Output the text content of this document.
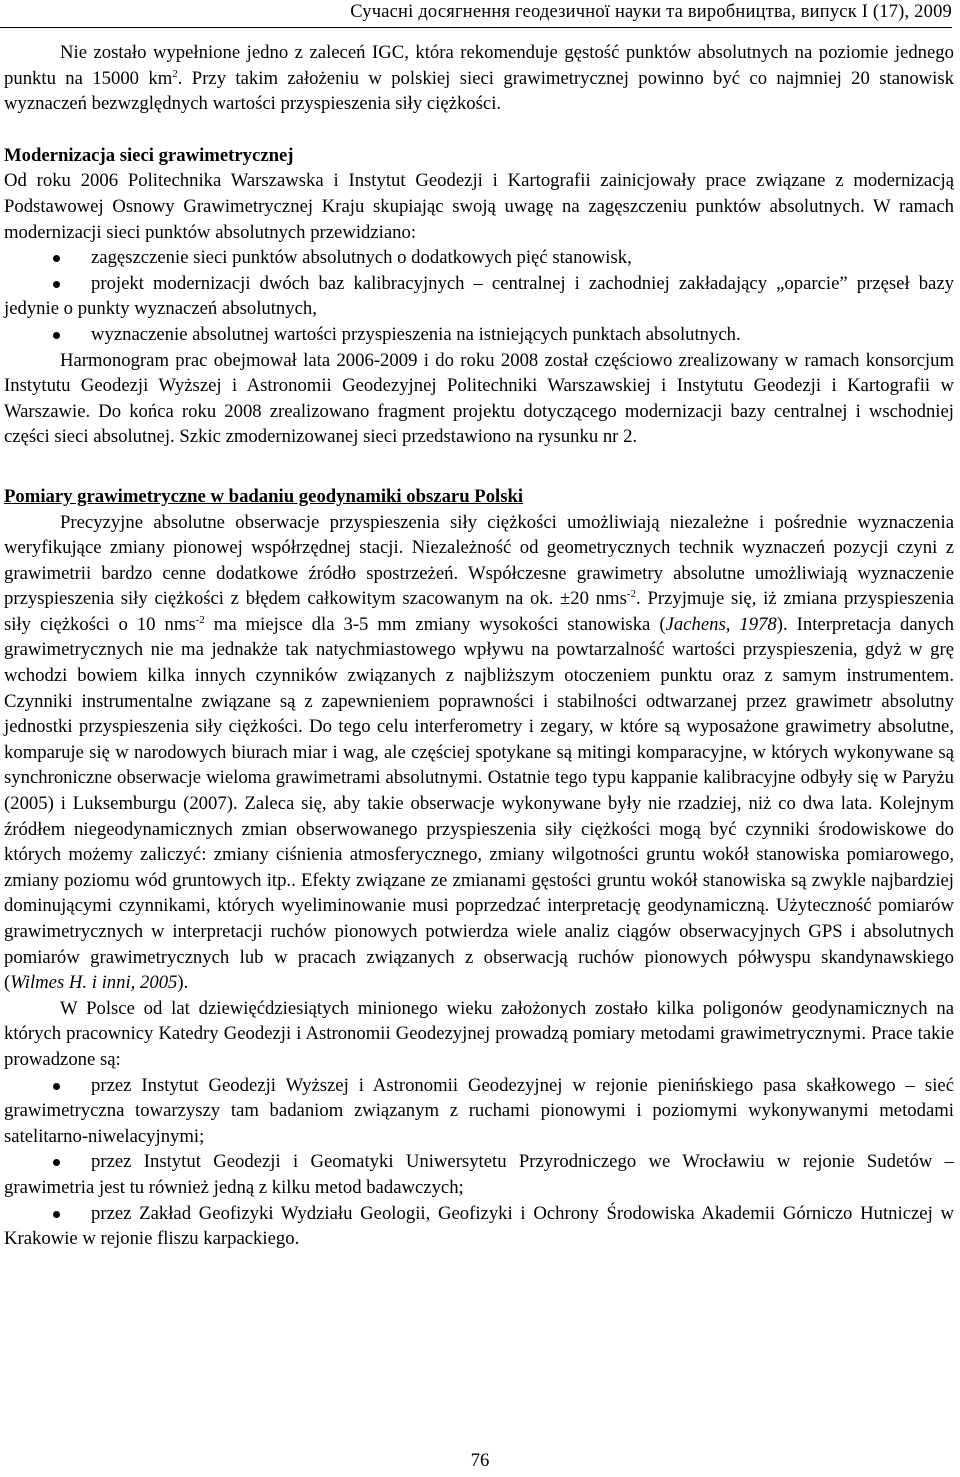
Сучасні досягнення геодезичної науки та виробництва, випуск I (17), 2009

Nie zostało wypełnione jedno z zaleceń IGC, która rekomenduje gęstość punktów absolutnych na poziomie jednego punktu na 15000 $km^2$. Przy takim założeniu w polskiej sieci grawimetrycznej powinno być co najmniej 20 stanowisk wyznaczeń bezwzględnych wartości przyspieszenia siły ciężkości.

Modernizacja sieci grawimetrycznej

Od roku 2006 Politechnika Warszawska i Instytut Geodezji i Kartografii zainicjowały prace związane z modernizacją Podstawowej Osnowy Grawimetrycznej Kraju skupiając swoją uwagę na zagęszczeniu punktów absolutnych. W ramach modernizacji sieci punktów absolutnych przewidziano:

zagęszczenie sieci punktów absolutnych o dodatkowych pięć stanowisk,

projekt modernizacji dwóch baz kalibracyjnych – centralnej i zachodniej zakładający „oparcie” przęseł bazy jedynie o punkty wyznaczeń absolutnych,

wyznaczenie absolutnej wartości przyspieszenia na istniejących punktach absolutnych.

Harmonogram prac obejmował lata 2006-2009 i do roku 2008 został częściowo zrealizowany w ramach konsorcjum Instytutu Geodezji Wyższej i Astronomii Geodezyjnej Politechniki Warszawskiej i Instytutu Geodezji i Kartografii w Warszawie. Do końca roku 2008 zrealizowano fragment projektu dotyczącego modernizacji bazy centralnej i wschodniej części sieci absolutnej. Szkic zmodernizowanej sieci przedstawiono na rysunku nr 2.

Pomiary grawimetryczne w badaniu geodynamiki obszaru Polski

Precyzyjne absolutne obserwacje przyspieszenia siły ciężkości umożliwiają niezależne i pośrednie wyznaczenia weryfikujące zmiany pionowej współrzędnej stacji. Niezależność od geometrycznych technik wyznaczeń pozycji czyni z grawimetrii bardzo cenne dodatkowe źródło spostrzeżeń. Współczesne grawimetry absolutne umożliwiają wyznaczenie przyspieszenia siły ciężkości z błędem całkowitym szacowanym na ok. ±20 nms$^{-2}$. Przyjmuje się, iż zmiana przyspieszenia siły ciężkości o 10 nms$^{-2}$ ma miejsce dla 3-5 mm zmiany wysokości stanowiska (Jachens, 1978). Interpretacja danych grawimetrycznych nie ma jednakże tak natychmiastowego wpływu na powtarzalność wartości przyspieszenia, gdyż w grę wchodzi bowiem kilka innych czynników związanych z najbliższym otoczeniem punktu oraz z samym instrumentem. Czynniki instrumentalne związane są z zapewnieniem poprawności i stabilności odtwarzanej przez grawimetr absolutny jednostki przyspieszenia siły ciężkości. Do tego celu interferometry i zegary, w które są wyposażone grawimetry absolutne, komparuje się w narodowych biurach miar i wag, ale częściej spotykane są mitingi komparacyjne, w których wykonywane są synchroniczne obserwacje wieloma grawimetrami absolutnymi. Ostatnie tego typu kappanie kalibracyjne odbyły się w Paryżu (2005) i Luksemburgu (2007). Zaleca się, aby takie obserwacje wykonywane były nie rzadziej, niż co dwa lata. Kolejnym źródłem niegeodynamicznych zmian obserwowanego przyspieszenia siły ciężkości mogą być czynniki środowiskowe do których możemy zaliczyć: zmiany ciśnienia atmosferycznego, zmiany wilgotności gruntu wokół stanowiska pomiarowego, zmiany poziomu wód gruntowych itp.. Efekty związane ze zmianami gęstości gruntu wokół stanowiska są zwykle najbardziej dominującymi czynnikami, których wyeliminowanie musi poprzedzać interpretację geodynamiczną. Użyteczność pomiarów grawimetrycznych w interpretacji ruchów pionowych potwierdza wiele analiz ciągów obserwacyjnych GPS i absolutnych pomiarów grawimetrycznych lub w pracach związanych z obserwacją ruchów pionowych półwyspu skandynawskiego (Wilmes H. i inni, 2005).

W Polsce od lat dziewięćdziesiątych minionego wieku założonych zostało kilka poligonów geodynamicznych na których pracownicy Katedry Geodezji i Astronomii Geodezyjnej prowadzą pomiary metodami grawimetrycznymi. Prace takie prowadzone są:

przez Instytut Geodezji Wyższej i Astronomii Geodezyjnej w rejonie pienińskiego pasa skałkowego – sieć grawimetryczna towarzyszy tam badaniom związanym z ruchami pionowymi i poziomymi wykonywanymi metodami satelitarno-niwelacyjnymi;

przez Instytut Geodezji i Geomatyki Uniwersytetu Przyrodniczego we Wrocławiu w rejonie Sudetów – grawimetria jest tu również jedną z kilku metod badawczych;

przez Zakład Geofizyki Wydziału Geologii, Geofizyki i Ochrony Środowiska Akademii Górniczo Hutniczej w Krakowie w rejonie fliszu karpackiego.

76
